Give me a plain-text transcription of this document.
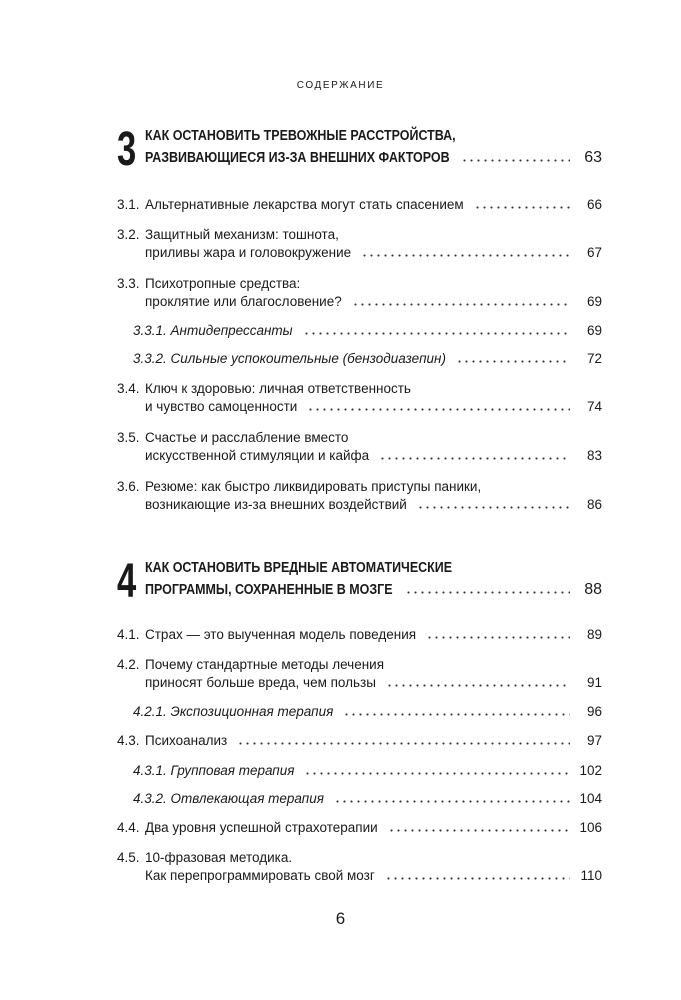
СОДЕРЖАНИЕ
3 КАК ОСТАНОВИТЬ ТРЕВОЖНЫЕ РАССТРОЙСТВА,
РАЗВИВАЮЩИЕСЯ ИЗ-ЗА ВНЕШНИХ ФАКТОРОВ	63
3.1. Альтернативные лекарства могут стать спасением	66
3.2. Защитный механизм: тошнота,
приливы жара и головокружение	67
3.3. Психотропные средства:
проклятие или благословение?	69
3.3.1. Антидепрессанты	69
3.3.2. Сильные успокоительные (бензодиазепин)	72
3.4. Ключ к здоровью: личная ответственность
и чувство самоценности	74
3.5. Счастье и расслабление вместо
искусственной стимуляции и кайфа	83
3.6. Резюме: как быстро ликвидировать приступы паники,
возникающие из-за внешних воздействий	86
4 КАК ОСТАНОВИТЬ ВРЕДНЫЕ АВТОМАТИЧЕСКИЕ
ПРОГРАММЫ, СОХРАНЕННЫЕ В МОЗГЕ	88
4.1. Страх — это выученная модель поведения	89
4.2. Почему стандартные методы лечения
приносят больше вреда, чем пользы	91
4.2.1. Экспозиционная терапия	96
4.3. Психоанализ	97
4.3.1. Групповая терапия	102
4.3.2. Отвлекающая терапия	104
4.4. Два уровня успешной страхотерапии	106
4.5. 10-фразовая методика.
Как перепрограммировать свой мозг	110
6
